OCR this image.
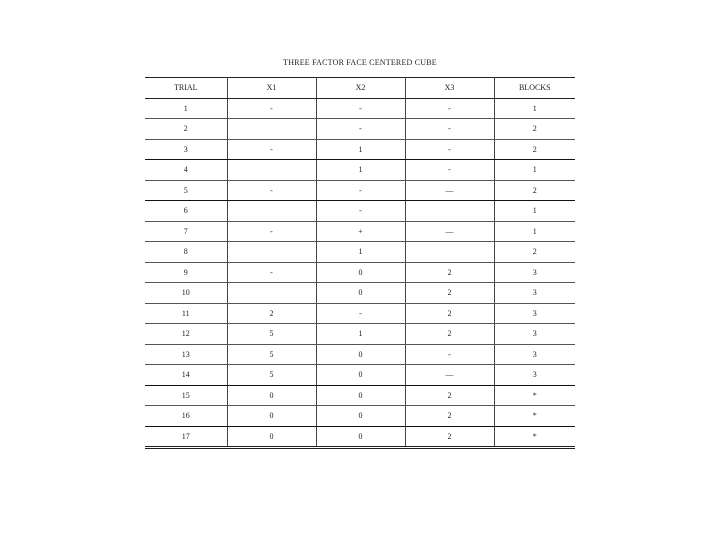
THREE FACTOR FACE CENTERED CUBE
TRIAL	X1	X2	X3	BLOCKS
1	-	-	-	1
2		-	-	2
3	-	1	-	2
4		1	-	1
5	-	-	—	2
6		-		1
7	-	+	—	1
8		1		2
9	-	0	2	3
10		0	2	3
11	2	-	2	3
12	5	1	2	3
13	5	0	-	3
14	5	0	—	3
15	0	0	2	*
16	0	0	2	*
17	0	0	2	*
